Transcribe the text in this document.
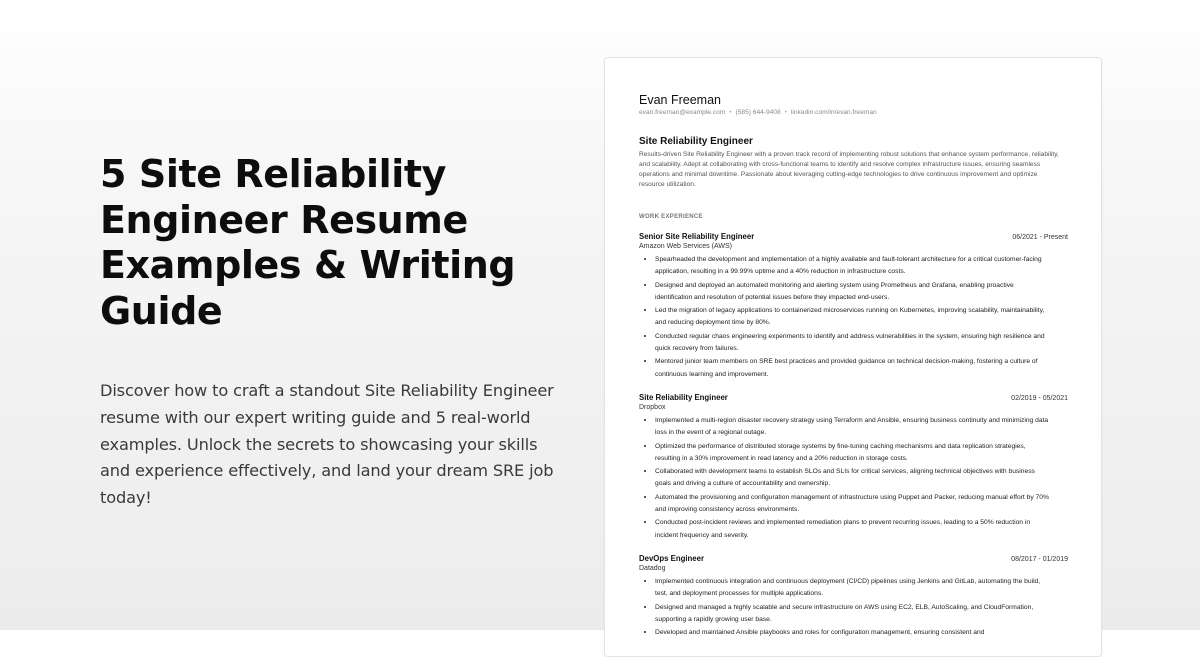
5 Site Reliability Engineer Resume Examples & Writing Guide

Discover how to craft a standout Site Reliability Engineer resume with our expert writing guide and 5 real-world examples. Unlock the secrets to showcasing your skills and experience effectively, and land your dream SRE job today!

Evan Freeman
evan.freeman@example.com • (585) 644-9408 • linkedin.com/in/evan.freeman
Site Reliability Engineer
Results-driven Site Reliability Engineer with a proven track record of implementing robust solutions that enhance system performance, reliability, and scalability. Adept at collaborating with cross-functional teams to identify and resolve complex infrastructure issues, ensuring seamless operations and minimal downtime. Passionate about leveraging cutting-edge technologies to drive continuous improvement and optimize resource utilization.
WORK EXPERIENCE
Senior Site Reliability Engineer	06/2021 - Present
Amazon Web Services (AWS)
• Spearheaded the development and implementation of a highly available and fault-tolerant architecture for a critical customer-facing application, resulting in a 99.99% uptime and a 40% reduction in infrastructure costs.
• Designed and deployed an automated monitoring and alerting system using Prometheus and Grafana, enabling proactive identification and resolution of potential issues before they impacted end-users.
• Led the migration of legacy applications to containerized microservices running on Kubernetes, improving scalability, maintainability, and reducing deployment time by 80%.
• Conducted regular chaos engineering experiments to identify and address vulnerabilities in the system, ensuring high resilience and quick recovery from failures.
• Mentored junior team members on SRE best practices and provided guidance on technical decision-making, fostering a culture of continuous learning and improvement.
Site Reliability Engineer	02/2019 - 05/2021
Dropbox
• Implemented a multi-region disaster recovery strategy using Terraform and Ansible, ensuring business continuity and minimizing data loss in the event of a regional outage.
• Optimized the performance of distributed storage systems by fine-tuning caching mechanisms and data replication strategies, resulting in a 30% improvement in read latency and a 20% reduction in storage costs.
• Collaborated with development teams to establish SLOs and SLIs for critical services, aligning technical objectives with business goals and driving a culture of accountability and ownership.
• Automated the provisioning and configuration management of infrastructure using Puppet and Packer, reducing manual effort by 70% and improving consistency across environments.
• Conducted post-incident reviews and implemented remediation plans to prevent recurring issues, leading to a 50% reduction in incident frequency and severity.
DevOps Engineer	08/2017 - 01/2019
Datadog
• Implemented continuous integration and continuous deployment (CI/CD) pipelines using Jenkins and GitLab, automating the build, test, and deployment processes for multiple applications.
• Designed and managed a highly scalable and secure infrastructure on AWS using EC2, ELB, AutoScaling, and CloudFormation, supporting a rapidly growing user base.
• Developed and maintained Ansible playbooks and roles for configuration management, ensuring consistent and
